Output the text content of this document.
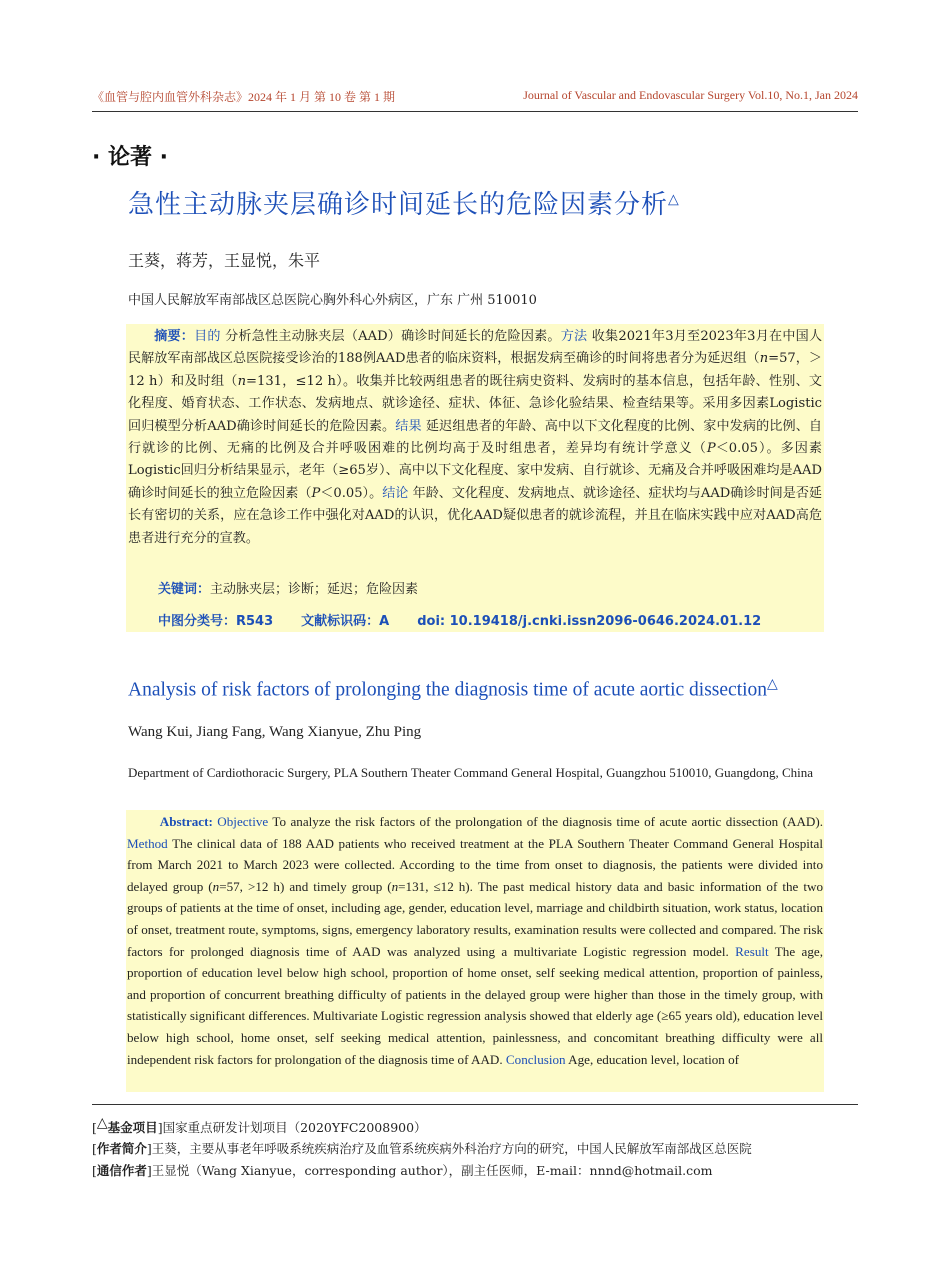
《血管与腔内血管外科杂志》2024 年 1 月 第 10 卷 第 1 期	Journal of Vascular and Endovascular Surgery Vol.10, No.1, Jan 2024
· 论著 ·
急性主动脉夹层确诊时间延长的危险因素分析△
王葵，蒋芳，王显悦，朱平
中国人民解放军南部战区总医院心胸外科心外病区，广东 广州 510010
摘要：目的 分析急性主动脉夹层（AAD）确诊时间延长的危险因素。方法 收集2021年3月至2023年3月在中国人民解放军南部战区总医院接受诊治的188例AAD患者的临床资料，根据发病至确诊的时间将患者分为延迟组（n=57，＞12 h）和及时组（n=131，≤12 h）。收集并比较两组患者的既往病史资料、发病时的基本信息，包括年龄、性别、文化程度、婚育状态、工作状态、发病地点、就诊途径、症状、体征、急诊化验结果、检查结果等。采用多因素Logistic回归模型分析AAD确诊时间延长的危险因素。结果 延迟组患者的年龄、高中以下文化程度的比例、家中发病的比例、自行就诊的比例、无痛的比例及合并呼吸困难的比例均高于及时组患者，差异均有统计学意义（P＜0.05）。多因素Logistic回归分析结果显示，老年（≥65岁）、高中以下文化程度、家中发病、自行就诊、无痛及合并呼吸困难均是AAD确诊时间延长的独立危险因素（P＜0.05）。结论 年龄、文化程度、发病地点、就诊途径、症状均与AAD确诊时间是否延长有密切的关系，应在急诊工作中强化对AAD的认识，优化AAD疑似患者的就诊流程，并且在临床实践中应对AAD高危患者进行充分的宣教。
关键词：主动脉夹层；诊断；延迟；危险因素
中图分类号：R543 文献标识码：A doi: 10.19418/j.cnki.issn2096-0646.2024.01.12
Analysis of risk factors of prolonging the diagnosis time of acute aortic dissection△
Wang Kui, Jiang Fang, Wang Xianyue, Zhu Ping
Department of Cardiothoracic Surgery, PLA Southern Theater Command General Hospital, Guangzhou 510010, Guangdong, China
Abstract: Objective To analyze the risk factors of the prolongation of the diagnosis time of acute aortic dissection (AAD). Method The clinical data of 188 AAD patients who received treatment at the PLA Southern Theater Command General Hospital from March 2021 to March 2023 were collected. According to the time from onset to diagnosis, the patients were divided into delayed group (n=57, >12 h) and timely group (n=131, ≤12 h). The past medical history data and basic information of the two groups of patients at the time of onset, including age, gender, education level, marriage and childbirth situation, work status, location of onset, treatment route, symptoms, signs, emergency laboratory results, examination results were collected and compared. The risk factors for prolonged diagnosis time of AAD was analyzed using a multivariate Logistic regression model. Result The age, proportion of education level below high school, proportion of home onset, self seeking medical attention, proportion of painless, and proportion of concurrent breathing difficulty of patients in the delayed group were higher than those in the timely group, with statistically significant differences. Multivariate Logistic regression analysis showed that elderly age (≥65 years old), education level below high school, home onset, self seeking medical attention, painlessness, and concomitant breathing difficulty were all independent risk factors for prolongation of the diagnosis time of AAD. Conclusion Age, education level, location of
[△基金项目]国家重点研发计划项目（2020YFC2008900）
[作者简介]王葵，主要从事老年呼吸系统疾病治疗及血管系统疾病外科治疗方向的研究，中国人民解放军南部战区总医院
[通信作者]王显悦（Wang Xianyue，corresponding author），副主任医师，E-mail：nnnd@hotmail.com
